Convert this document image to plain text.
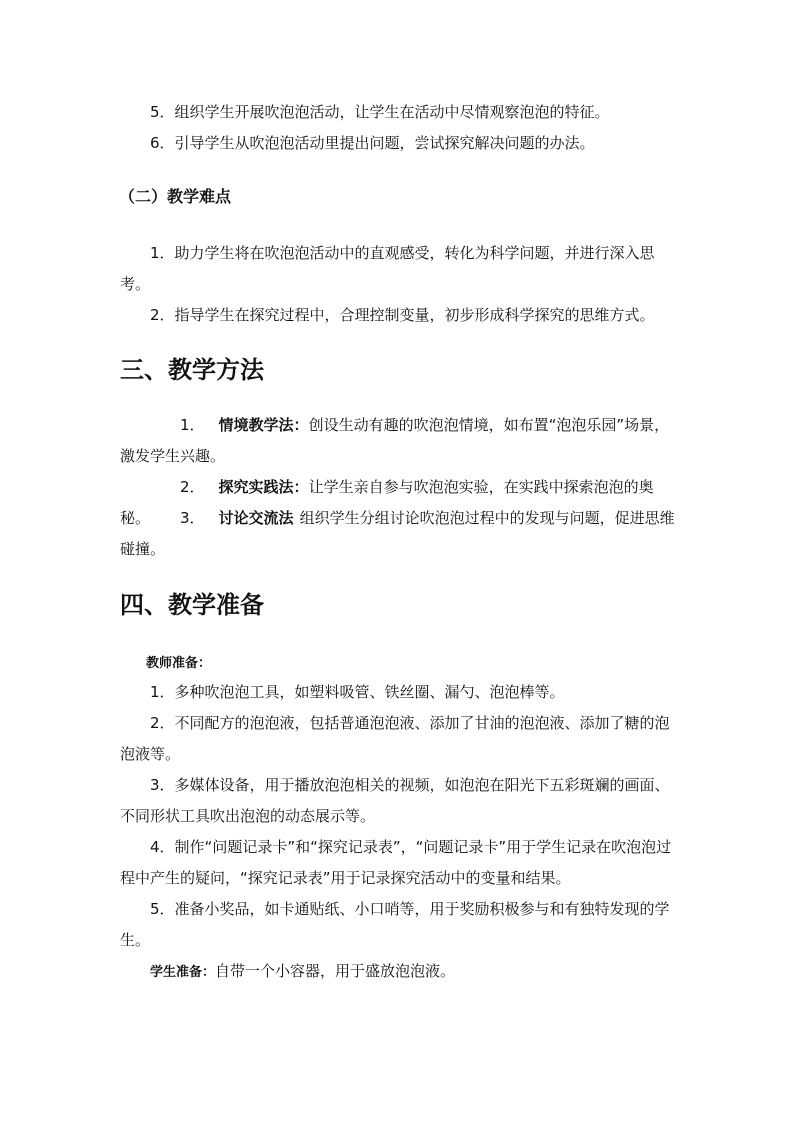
5．组织学生开展吹泡泡活动，让学生在活动中尽情观察泡泡的特征。

6．引导学生从吹泡泡活动里提出问题，尝试探究解决问题的办法。

（二）教学难点

1．助力学生将在吹泡泡活动中的直观感受，转化为科学问题，并进行深入思考。

2．指导学生在探究过程中，合理控制变量，初步形成科学探究的思维方式。

三、教学方法

1． 情境教学法：创设生动有趣的吹泡泡情境，如布置“泡泡乐园”场景，激发学生兴趣。

2． 探究实践法：让学生亲自参与吹泡泡实验，在实践中探索泡泡的奥秘。	3． 讨论交流法 组织学生分组讨论吹泡泡过程中的发现与问题，促进思维碰撞。

四、教学准备

教师准备：

1．多种吹泡泡工具，如塑料吸管、铁丝圈、漏勺、泡泡棒等。

2．不同配方的泡泡液，包括普通泡泡液、添加了甘油的泡泡液、添加了糖的泡泡液等。

3．多媒体设备，用于播放泡泡相关的视频，如泡泡在阳光下五彩斑斓的画面、不同形状工具吹出泡泡的动态展示等。

4．制作“问题记录卡”和“探究记录表”，“问题记录卡”用于学生记录在吹泡泡过程中产生的疑问，“探究记录表”用于记录探究活动中的变量和结果。

5．准备小奖品，如卡通贴纸、小口哨等，用于奖励积极参与和有独特发现的学生。

学生准备：自带一个小容器，用于盛放泡泡液。
